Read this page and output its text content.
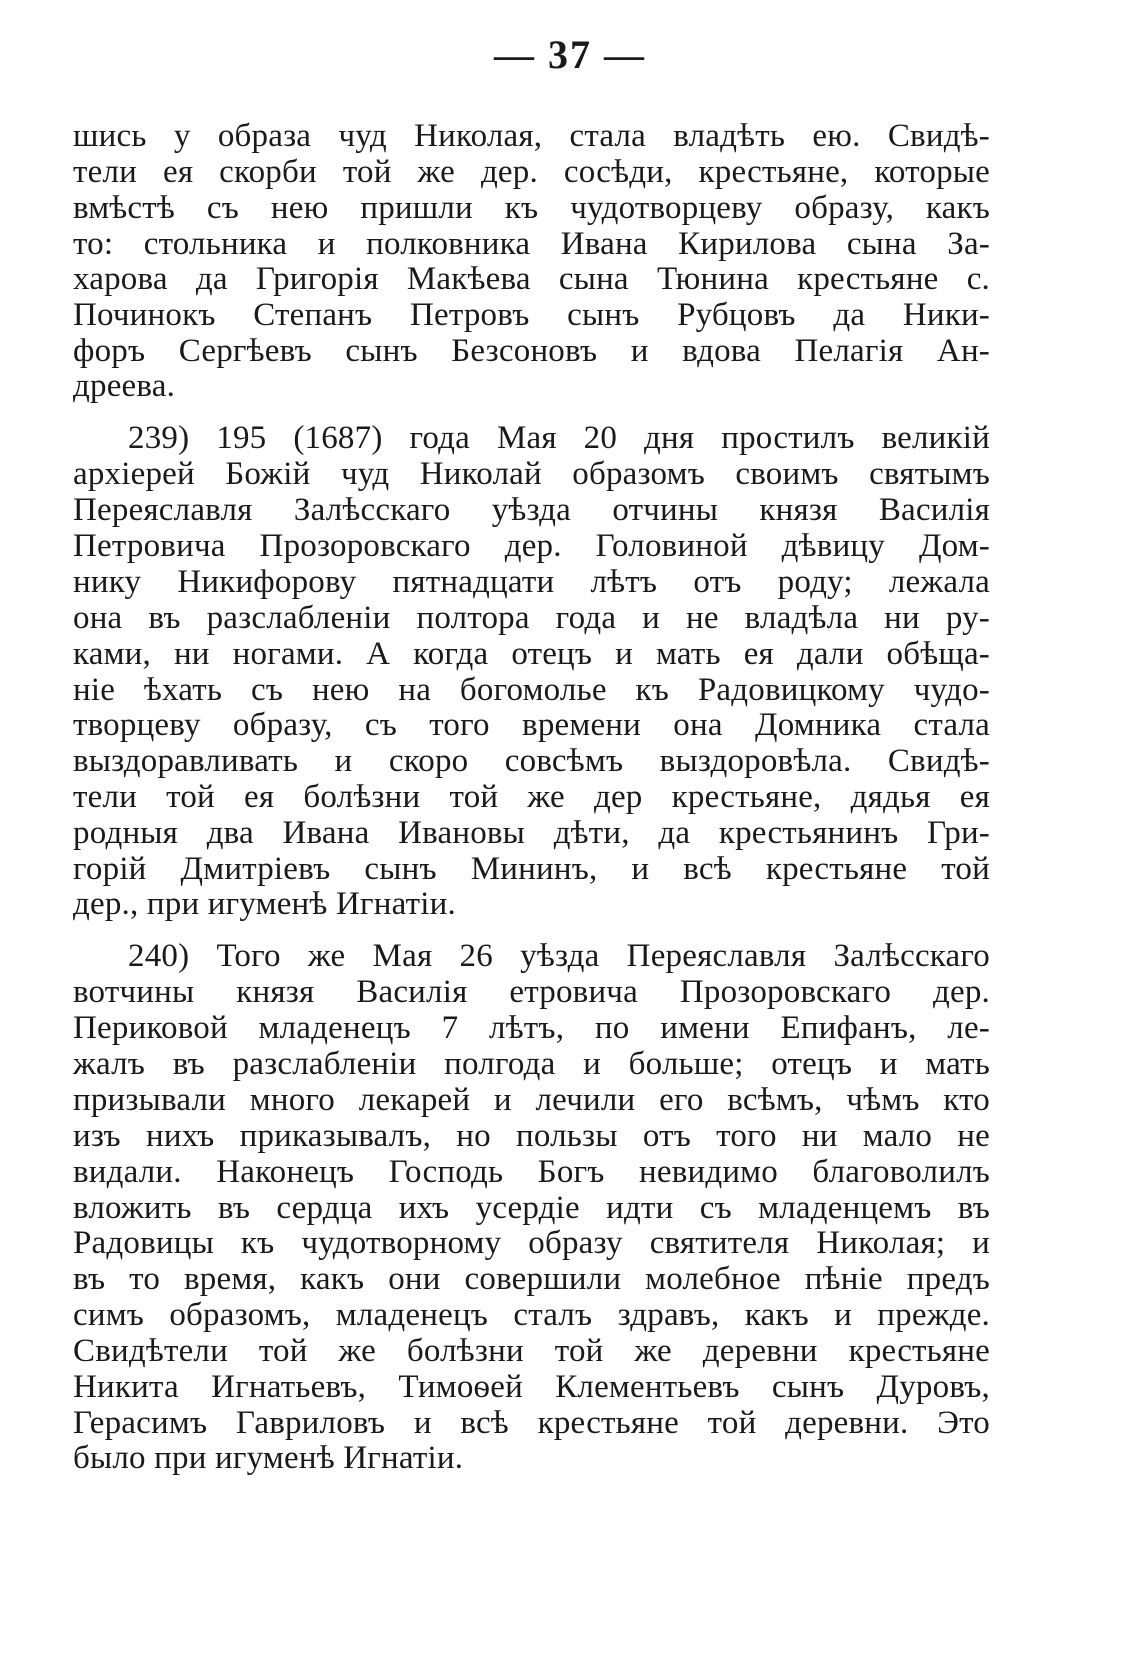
— 37 —
шись у образа чуд Николая, стала владѣть ею. Свидѣ-
тели ея скорби той же дер. сосѣди, крестьяне, которые
вмѣстѣ съ нею пришли къ чудотворцеву образу, какъ
то: стольника и полковника Ивана Кирилова сына За-
харова да Григорія Макѣева сына Тюнина крестьяне с.
Починокъ Степанъ Петровъ сынъ Рубцовъ да Ники-
форъ Сергѣевъ сынъ Безсоновъ и вдова Пелагія Ан-
дреева.
239) 195 (1687) года Мая 20 дня простилъ великій
архіерей Божій чуд Николай образомъ своимъ святымъ
Переяславля Залѣсскаго уѣзда отчины князя Василія
Петровича Прозоровскаго дер. Головиной дѣвицу Дом-
нику Никифорову пятнадцати лѣтъ отъ роду; лежала
она въ разслабленіи полтора года и не владѣла ни ру-
ками, ни ногами. А когда отецъ и мать ея дали обѣща-
ніе ѣхать съ нею на богомолье къ Радовицкому чудо-
творцеву образу, съ того времени она Домника стала
выздоравливать и скоро совсѣмъ выздоровѣла. Свидѣ-
тели той ея болѣзни той же дер крестьяне, дядья ея
родныя два Ивана Ивановы дѣти, да крестьянинъ Гри-
горій Дмитріевъ сынъ Мининъ, и всѣ крестьяне той
дер., при игуменѣ Игнатіи.
240) Того же Мая 26 уѣзда Переяславля Залѣсскаго
вотчины князя Василія етровича Прозоровскаго дер.
Периковой младенецъ 7 лѣтъ, по имени Епифанъ, ле-
жалъ въ разслабленіи полгода и больше; отецъ и мать
призывали много лекарей и лечили его всѣмъ, чѣмъ кто
изъ нихъ приказывалъ, но пользы отъ того ни мало не
видали. Наконецъ Господь Богъ невидимо благоволилъ
вложить въ сердца ихъ усердіе идти съ младенцемъ въ
Радовицы къ чудотворному образу святителя Николая; и
въ то время, какъ они совершили молебное пѣніе предъ
симъ образомъ, младенецъ сталъ здравъ, какъ и прежде.
Свидѣтели той же болѣзни той же деревни крестьяне
Никита Игнатьевъ, Тимоѳей Клементьевъ сынъ Дуровъ,
Герасимъ Гавриловъ и всѣ крестьяне той деревни. Это
было при игуменѣ Игнатіи.
